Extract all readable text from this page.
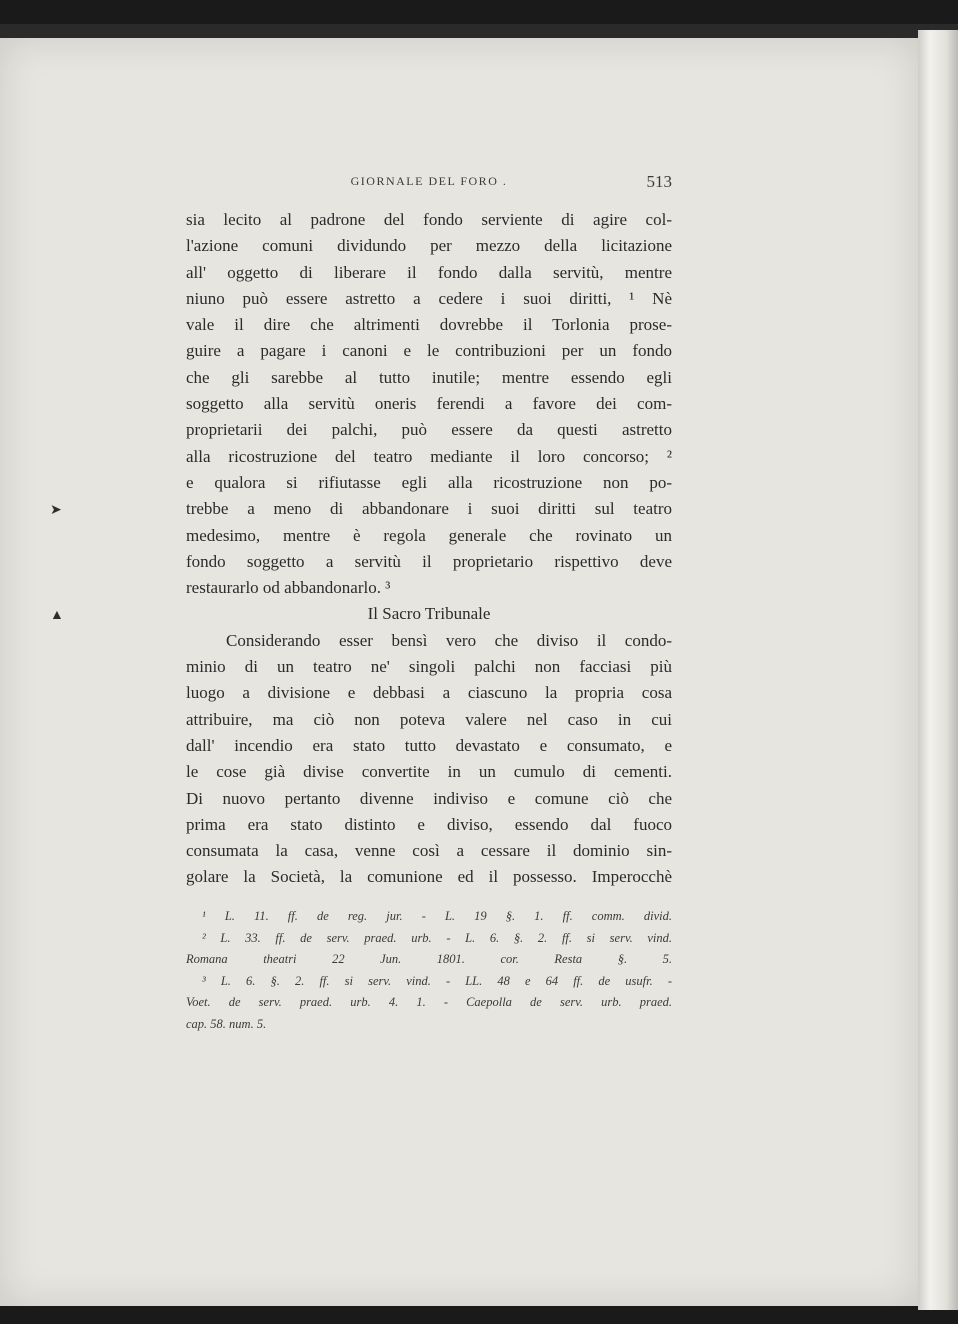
GIORNALE DEL FORO .	513
sia lecito al padrone del fondo serviente di agire col-
l'azione comuni dividundo per mezzo della licitazione
all' oggetto di liberare il fondo dalla servitù, mentre
niuno può essere astretto a cedere i suoi diritti, ¹ Nè
vale il dire che altrimenti dovrebbe il Torlonia prose-
guire a pagare i canoni e le contribuzioni per un fondo
che gli sarebbe al tutto inutile; mentre essendo egli
soggetto alla servitù oneris ferendi a favore dei com-
proprietarii dei palchi, può essere da questi astretto
alla ricostruzione del teatro mediante il loro concorso; ²
e qualora si rifiutasse egli alla ricostruzione non po-
trebbe a meno di abbandonare i suoi diritti sul teatro
medesimo, mentre è regola generale che rovinato un
fondo soggetto a servitù il proprietario rispettivo deve
restaurarlo od abbandonarlo. ³
Il Sacro Tribunale
Considerando esser bensì vero che diviso il condo-
minio di un teatro ne' singoli palchi non facciasi più
luogo a divisione e debbasi a ciascuno la propria cosa
attribuire, ma ciò non poteva valere nel caso in cui
dall' incendio era stato tutto devastato e consumato, e
le cose già divise convertite in un cumulo di cementi.
Di nuovo pertanto divenne indiviso e comune ciò che
prima era stato distinto e diviso, essendo dal fuoco
consumata la casa, venne così a cessare il dominio sin-
golare la Società, la comunione ed il possesso. Imperocchè
¹ L. 11. ff. de reg. jur. - L. 19 §. 1. ff. comm. divid.
² L. 33. ff. de serv. praed. urb. - L. 6. §. 2. ff. si serv. vind.
Romana theatri 22 Jun. 1801. cor. Resta §. 5.
³ L. 6. §. 2. ff. si serv. vind. - LL. 48 e 64 ff. de usufr. -
Voet. de serv. praed. urb. 4. 1. - Caepolla de serv. urb. praed.
cap. 58. num. 5.
➤
▲
